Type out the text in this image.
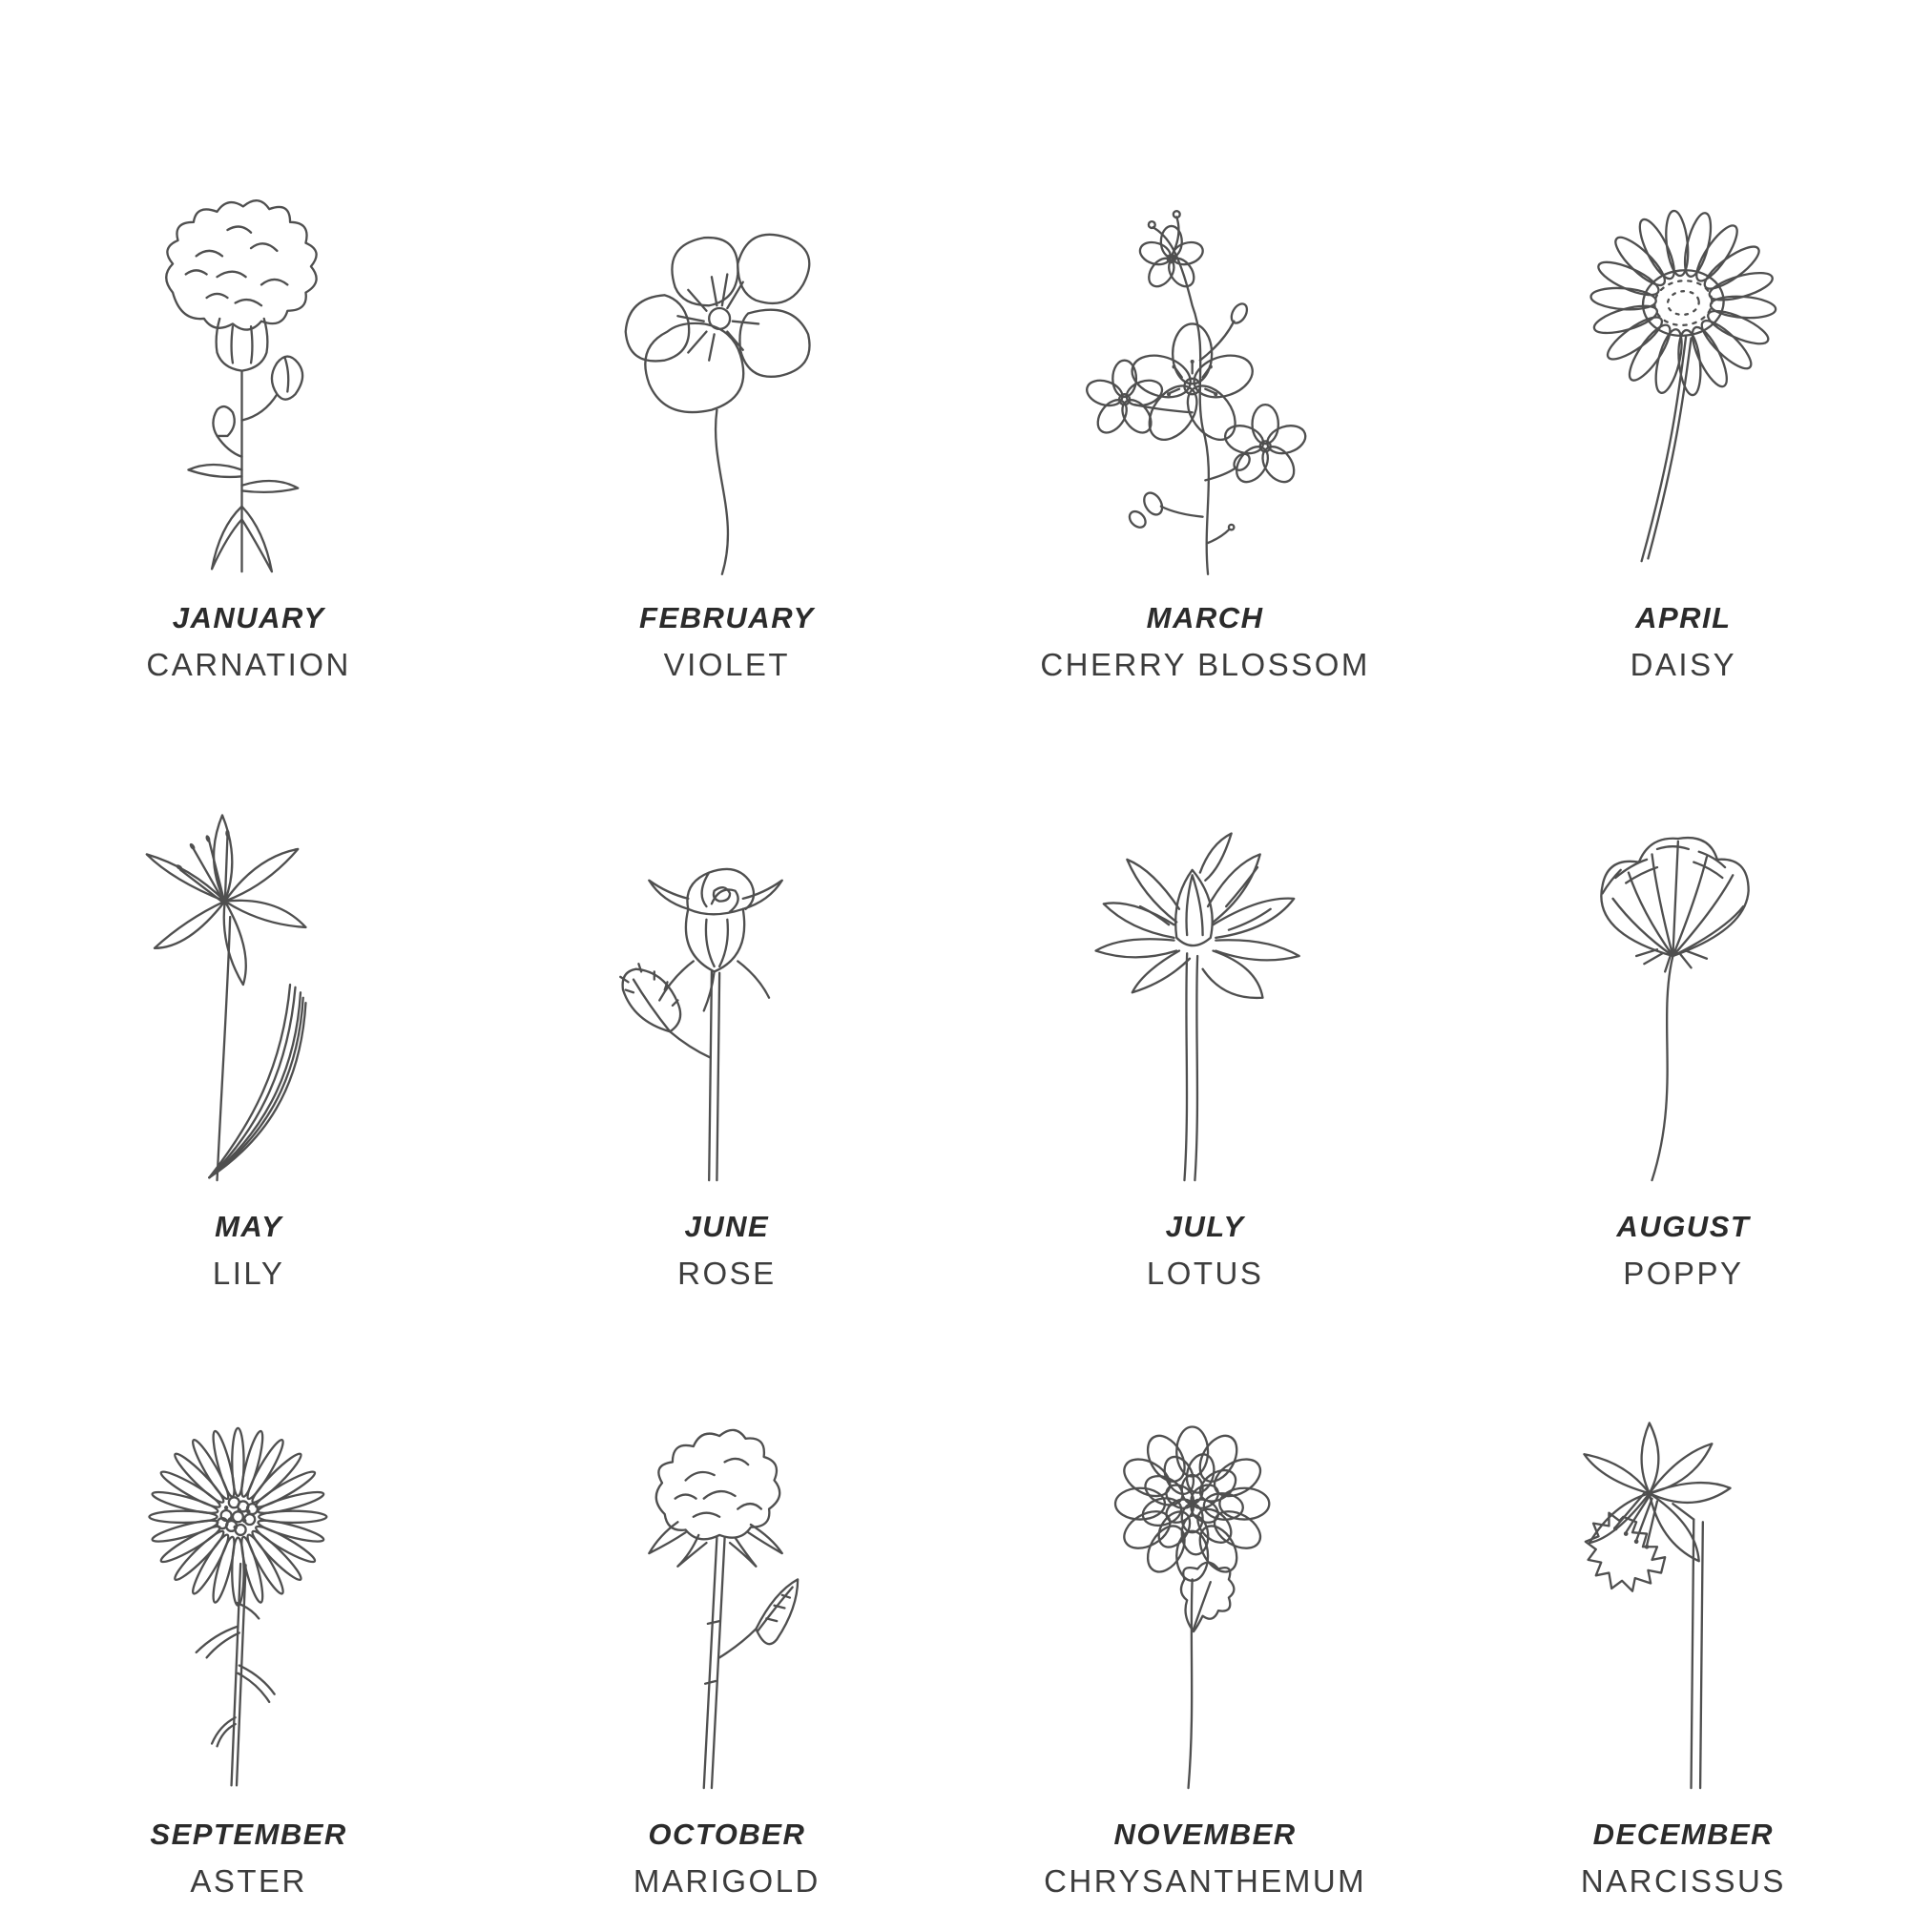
JANUARY
CARNATION
FEBRUARY
VIOLET
MARCH
CHERRY BLOSSOM
APRIL
DAISY
MAY
LILY
JUNE
ROSE
JULY
LOTUS
AUGUST
POPPY
SEPTEMBER
ASTER
OCTOBER
MARIGOLD
NOVEMBER
CHRYSANTHEMUM
DECEMBER
NARCISSUS
